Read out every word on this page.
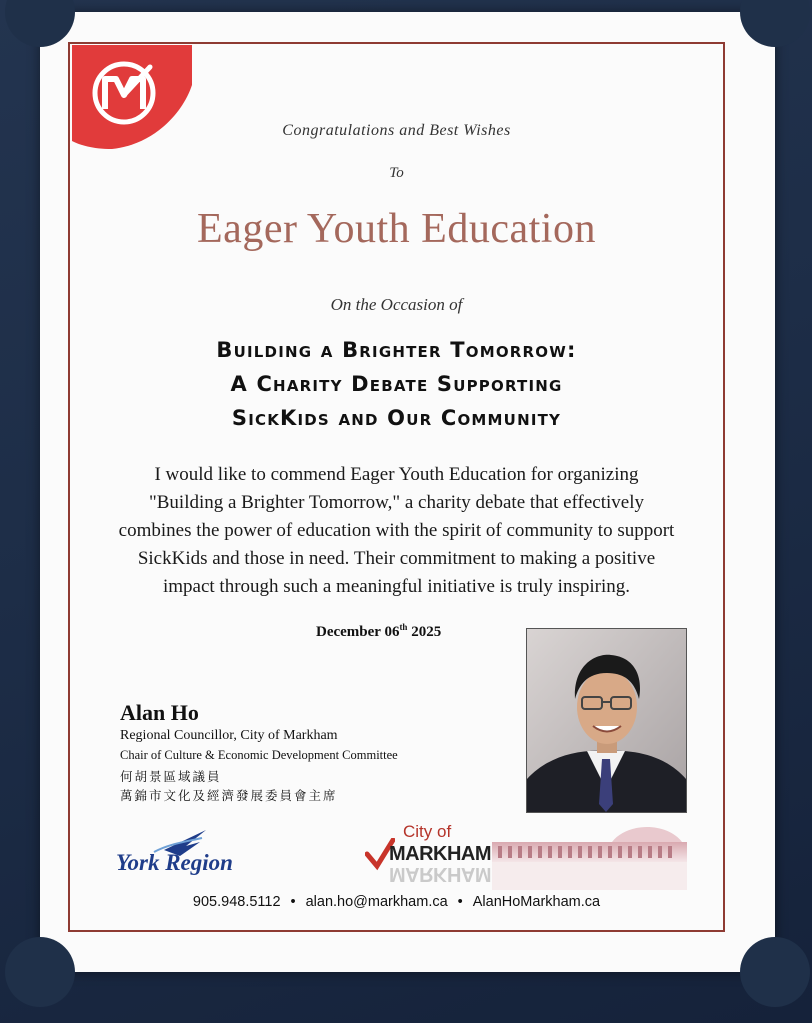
Congratulations and Best Wishes
To
Eager Youth Education
On the Occasion of
Building a Brighter Tomorrow:
A Charity Debate Supporting
SickKids and Our Community
I would like to commend Eager Youth Education for organizing
"Building a Brighter Tomorrow," a charity debate that effectively
combines the power of education with the spirit of community to support
SickKids and those in need. Their commitment to making a positive
impact through such a meaningful initiative is truly inspiring.
December 06th 2025
Alan Ho
Regional Councillor, City of Markham
Chair of Culture & Economic Development Committee
何胡景區域議員
萬錦市文化及經濟發展委員會主席
York Region
City of
MARKHAM
MARKHAM
905.948.5112 • alan.ho@markham.ca • AlanHoMarkham.ca
